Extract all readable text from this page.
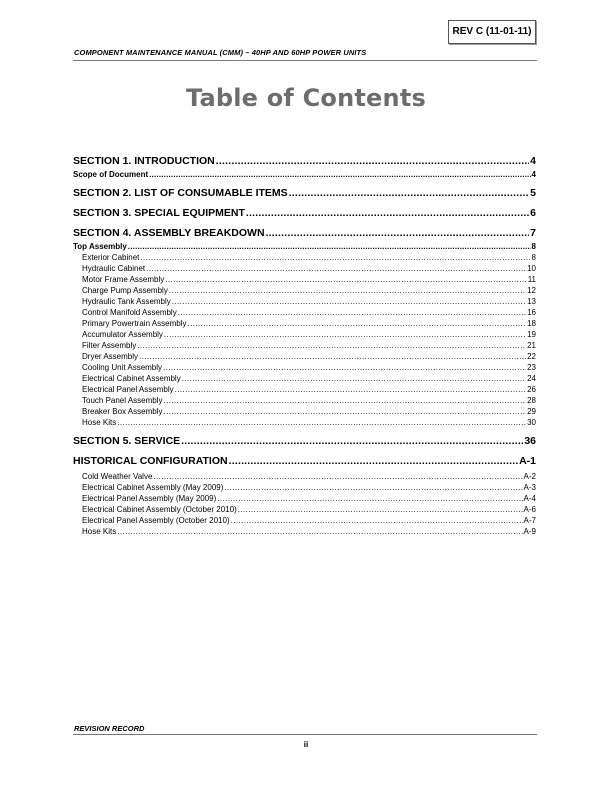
REV C (11-01-11)
COMPONENT MAINTENANCE MANUAL (CMM) – 40HP AND 60HP POWER UNITS
Table of Contents
SECTION 1. INTRODUCTION .....	4
Scope of Document .....	4
SECTION 2. LIST OF CONSUMABLE ITEMS .....	5
SECTION 3. SPECIAL EQUIPMENT .....	6
SECTION 4. ASSEMBLY BREAKDOWN .....	7
Top Assembly .....	8
Exterior Cabinet .....	8
Hydraulic Cabinet .....	10
Motor Frame Assembly .....	11
Charge Pump Assembly .....	12
Hydraulic Tank Assembly .....	13
Control Manifold Assembly .....	16
Primary Powertrain Assembly .....	18
Accumulator Assembly .....	19
Filter Assembly .....	21
Dryer Assembly .....	22
Cooling Unit Assembly .....	23
Electrical Cabinet Assembly .....	24
Electrical Panel Assembly .....	26
Touch Panel Assembly .....	28
Breaker Box Assembly .....	29
Hose Kits .....	30
SECTION 5. SERVICE .....	36
HISTORICAL CONFIGURATION .....	A-1
Cold Weather Valve .....	A-2
Electrical Cabinet Assembly (May 2009) .....	A-3
Electrical Panel Assembly (May 2009) .....	A-4
Electrical Cabinet Assembly (October 2010) .....	A-6
Electrical Panel Assembly (October 2010) .....	A-7
Hose Kits .....	A-9
REVISION RECORD
ii
